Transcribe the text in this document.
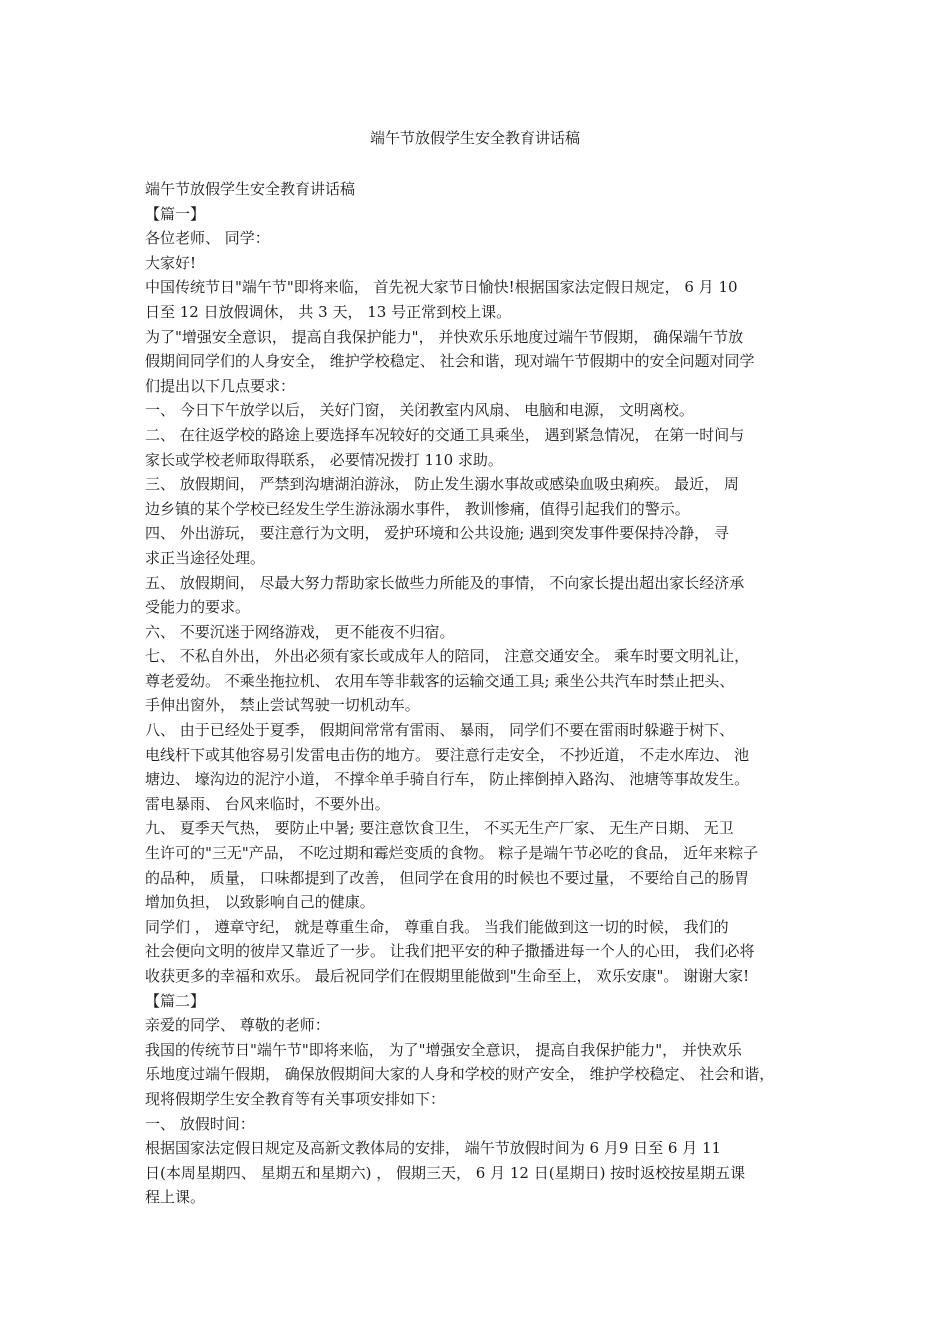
端午节放假学生安全教育讲话稿
端午节放假学生安全教育讲话稿
【篇一】
各位老师、 同学：
大家好!
中国传统节日"端午节"即将来临， 首先祝大家节日愉快!根据国家法定假日规定， 6 月 10
日至 12 日放假调休， 共 3 天， 13 号正常到校上课。
为了"增强安全意识， 提高自我保护能力"， 并快欢乐乐地度过端午节假期， 确保端午节放
假期间同学们的人身安全， 维护学校稳定、 社会和谐，现对端午节假期中的安全问题对同学
们提出以下几点要求：
一、 今日下午放学以后， 关好门窗， 关闭教室内风扇、 电脑和电源， 文明离校。
二、 在往返学校的路途上要选择车况较好的交通工具乘坐， 遇到紧急情况， 在第一时间与
家长或学校老师取得联系， 必要情况拨打 110 求助。
三、 放假期间， 严禁到沟塘湖泊游泳， 防止发生溺水事故或感染血吸虫痢疾。 最近， 周
边乡镇的某个学校已经发生学生游泳溺水事件， 教训惨痛，值得引起我们的警示。
四、 外出游玩， 要注意行为文明， 爱护环境和公共设施; 遇到突发事件要保持冷静， 寻
求正当途径处理。
五、 放假期间， 尽最大努力帮助家长做些力所能及的事情， 不向家长提出超出家长经济承
受能力的要求。
六、 不要沉迷于网络游戏， 更不能夜不归宿。
七、 不私自外出， 外出必须有家长或成年人的陪同， 注意交通安全。 乘车时要文明礼让，
尊老爱幼。 不乘坐拖拉机、 农用车等非载客的运输交通工具; 乘坐公共汽车时禁止把头、
手伸出窗外， 禁止尝试驾驶一切机动车。
八、 由于已经处于夏季， 假期间常常有雷雨、 暴雨， 同学们不要在雷雨时躲避于树下、
电线杆下或其他容易引发雷电击伤的地方。 要注意行走安全， 不抄近道， 不走水库边、 池
塘边、 壕沟边的泥泞小道， 不撑伞单手骑自行车， 防止摔倒掉入路沟、 池塘等事故发生。
雷电暴雨、 台风来临时，不要外出。
九、 夏季天气热， 要防止中暑; 要注意饮食卫生， 不买无生产厂家、 无生产日期、 无卫
生许可的"三无"产品， 不吃过期和霉烂变质的食物。 粽子是端午节必吃的食品， 近年来粽子
的品种， 质量， 口味都提到了改善， 但同学在食用的时候也不要过量， 不要给自己的肠胃
增加负担， 以致影响自己的健康。
同学们 ， 遵章守纪， 就是尊重生命， 尊重自我。 当我们能做到这一切的时候， 我们的
社会便向文明的彼岸又靠近了一步。 让我们把平安的种子撒播进每一个人的心田， 我们必将
收获更多的幸福和欢乐。 最后祝同学们在假期里能做到"生命至上， 欢乐安康"。 谢谢大家!
【篇二】
亲爱的同学、 尊敬的老师：
我国的传统节日"端午节"即将来临， 为了"增强安全意识， 提高自我保护能力"， 并快欢乐
乐地度过端午假期， 确保放假期间大家的人身和学校的财产安全， 维护学校稳定、 社会和谐，
现将假期学生安全教育等有关事项安排如下：
一、 放假时间：
根据国家法定假日规定及高新文教体局的安排， 端午节放假时间为 6 月9 日至 6 月 11
日(本周星期四、 星期五和星期六) ， 假期三天， 6 月 12 日(星期日) 按时返校按星期五课
程上课。
